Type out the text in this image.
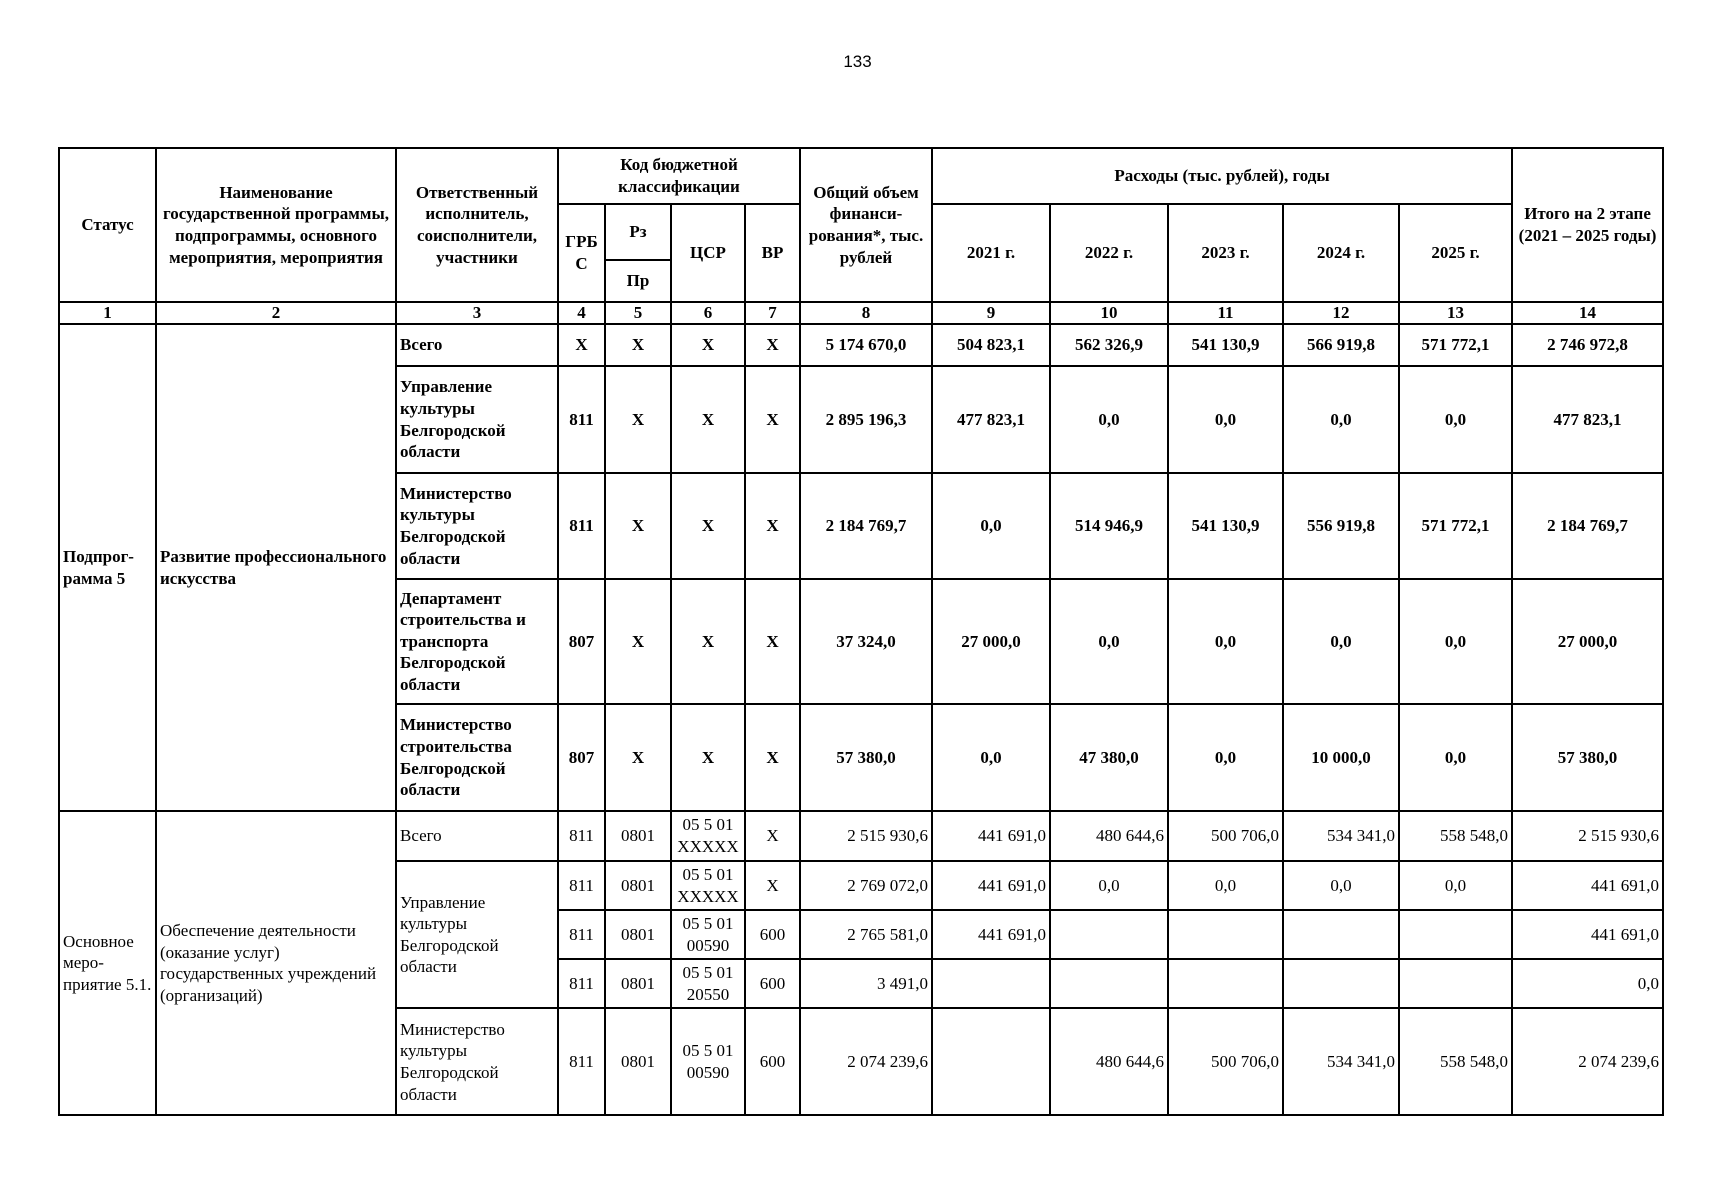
133
Статус	Наименование государственной программы, подпрограммы, основного мероприятия, мероприятия	Ответственный исполнитель, соисполнители, участники	Код бюджетной классификации				Общий объем финанси-рования*, тыс. рублей	Расходы (тыс. рублей), годы					Итого на 2 этапе (2021 – 2025 годы)
			ГРБС	Рз	ЦСР	ВР		2021 г.	2022 г.	2023 г.	2024 г.	2025 г.	
				Пр									
1	2	3	4	5	6	7	8	9	10	11	12	13	14
Подпрог-рамма 5	Развитие профессионального искусства	Всего	X	X	X	X	5 174 670,0	504 823,1	562 326,9	541 130,9	566 919,8	571 772,1	2 746 972,8
		Управление культуры Белгородской области	811	X	X	X	2 895 196,3	477 823,1	0,0	0,0	0,0	0,0	477 823,1
		Министерство культуры Белгородской области	811	X	X	X	2 184 769,7	0,0	514 946,9	541 130,9	556 919,8	571 772,1	2 184 769,7
		Департамент строительства и транспорта Белгородской области	807	X	X	X	37 324,0	27 000,0	0,0	0,0	0,0	0,0	27 000,0
		Министерство строительства Белгородской области	807	X	X	X	57 380,0	0,0	47 380,0	0,0	10 000,0	0,0	57 380,0
Основное меро-приятие 5.1.	Обеспечение деятельности (оказание услуг) государственных учреждений (организаций)	Всего	811	0801	05 5 01 XXXXX	X	2 515 930,6	441 691,0	480 644,6	500 706,0	534 341,0	558 548,0	2 515 930,6
		Управление культуры Белгородской области	811	0801	05 5 01 XXXXX	X	2 769 072,0	441 691,0	0,0	0,0	0,0	0,0	441 691,0
			811	0801	05 5 01 00590	600	2 765 581,0	441 691,0					441 691,0
			811	0801	05 5 01 20550	600	3 491,0						0,0
		Министерство культуры Белгородской области	811	0801	05 5 01 00590	600	2 074 239,6		480 644,6	500 706,0	534 341,0	558 548,0	2 074 239,6
